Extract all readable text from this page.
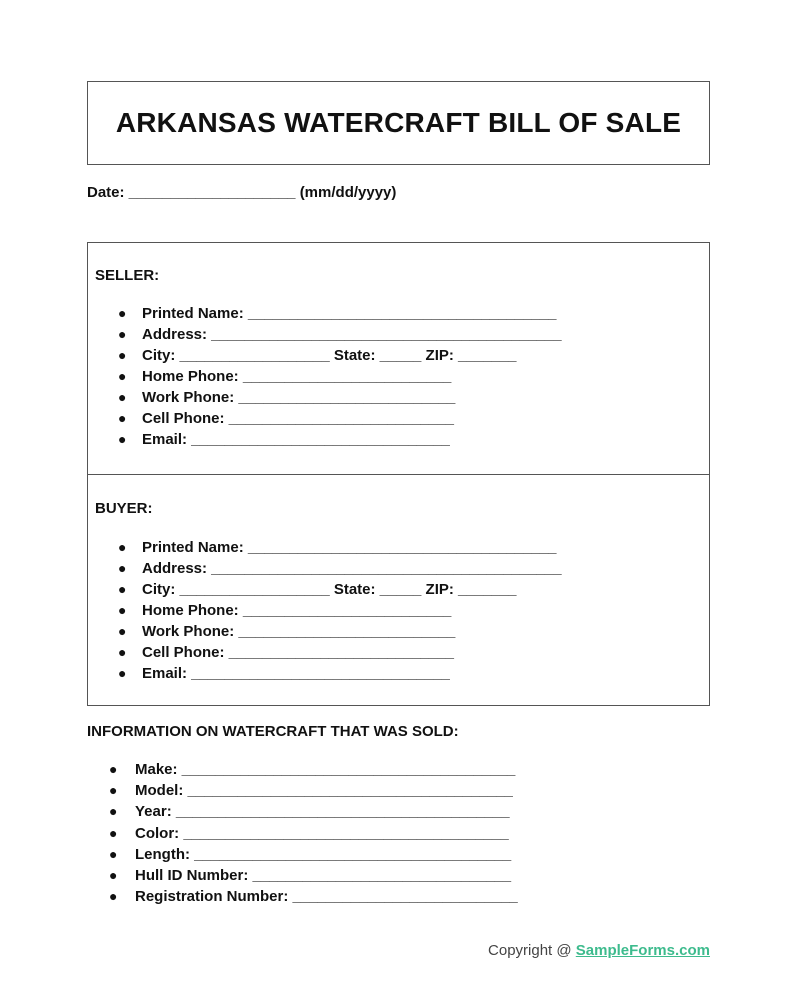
ARKANSAS WATERCRAFT BILL OF SALE
Date: ____________________ (mm/dd/yyyy)
SELLER:
● Printed Name: _____________________________________
● Address: __________________________________________
● City: __________________ State: _____ ZIP: _______
● Home Phone: _________________________
● Work Phone: __________________________
● Cell Phone: ___________________________
● Email: _______________________________
BUYER:
● Printed Name: _____________________________________
● Address: __________________________________________
● City: __________________ State: _____ ZIP: _______
● Home Phone: _________________________
● Work Phone: __________________________
● Cell Phone: ___________________________
● Email: _______________________________
INFORMATION ON WATERCRAFT THAT WAS SOLD:
● Make: ________________________________________
● Model: _______________________________________
● Year: ________________________________________
● Color: _______________________________________
● Length: ______________________________________
● Hull ID Number: _______________________________
● Registration Number: ___________________________
Copyright @ SampleForms.com
